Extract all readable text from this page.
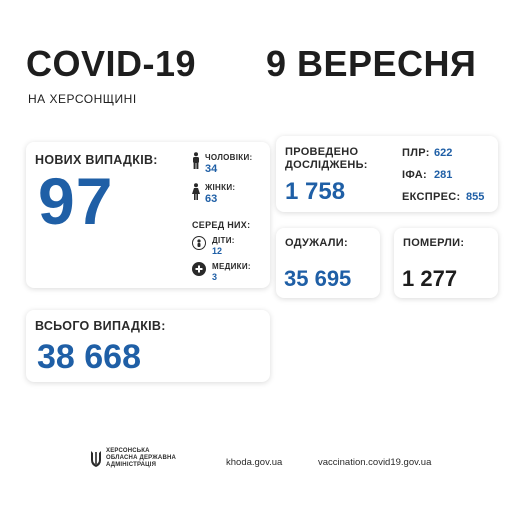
COVID-19 9 ВЕРЕСНЯ
НА ХЕРСОНЩИНІ
НОВИХ ВИПАДКІВ:
97
ЧОЛОВІКИ:
34
ЖІНКИ:
63
СЕРЕД НИХ:
ДІТИ:
12
МЕДИКИ:
3
ПРОВЕДЕНО
ДОСЛІДЖЕНЬ:
1 758
ПЛР: 622
ІФА: 281
ЕКСПРЕС: 855
ОДУЖАЛИ:
35 695
ПОМЕРЛИ:
1 277
ВСЬОГО ВИПАДКІВ:
38 668
ХЕРСОНСЬКА
ОБЛАСНА ДЕРЖАВНА
АДМІНІСТРАЦІЯ	khoda.gov.ua	vaccination.covid19.gov.ua
